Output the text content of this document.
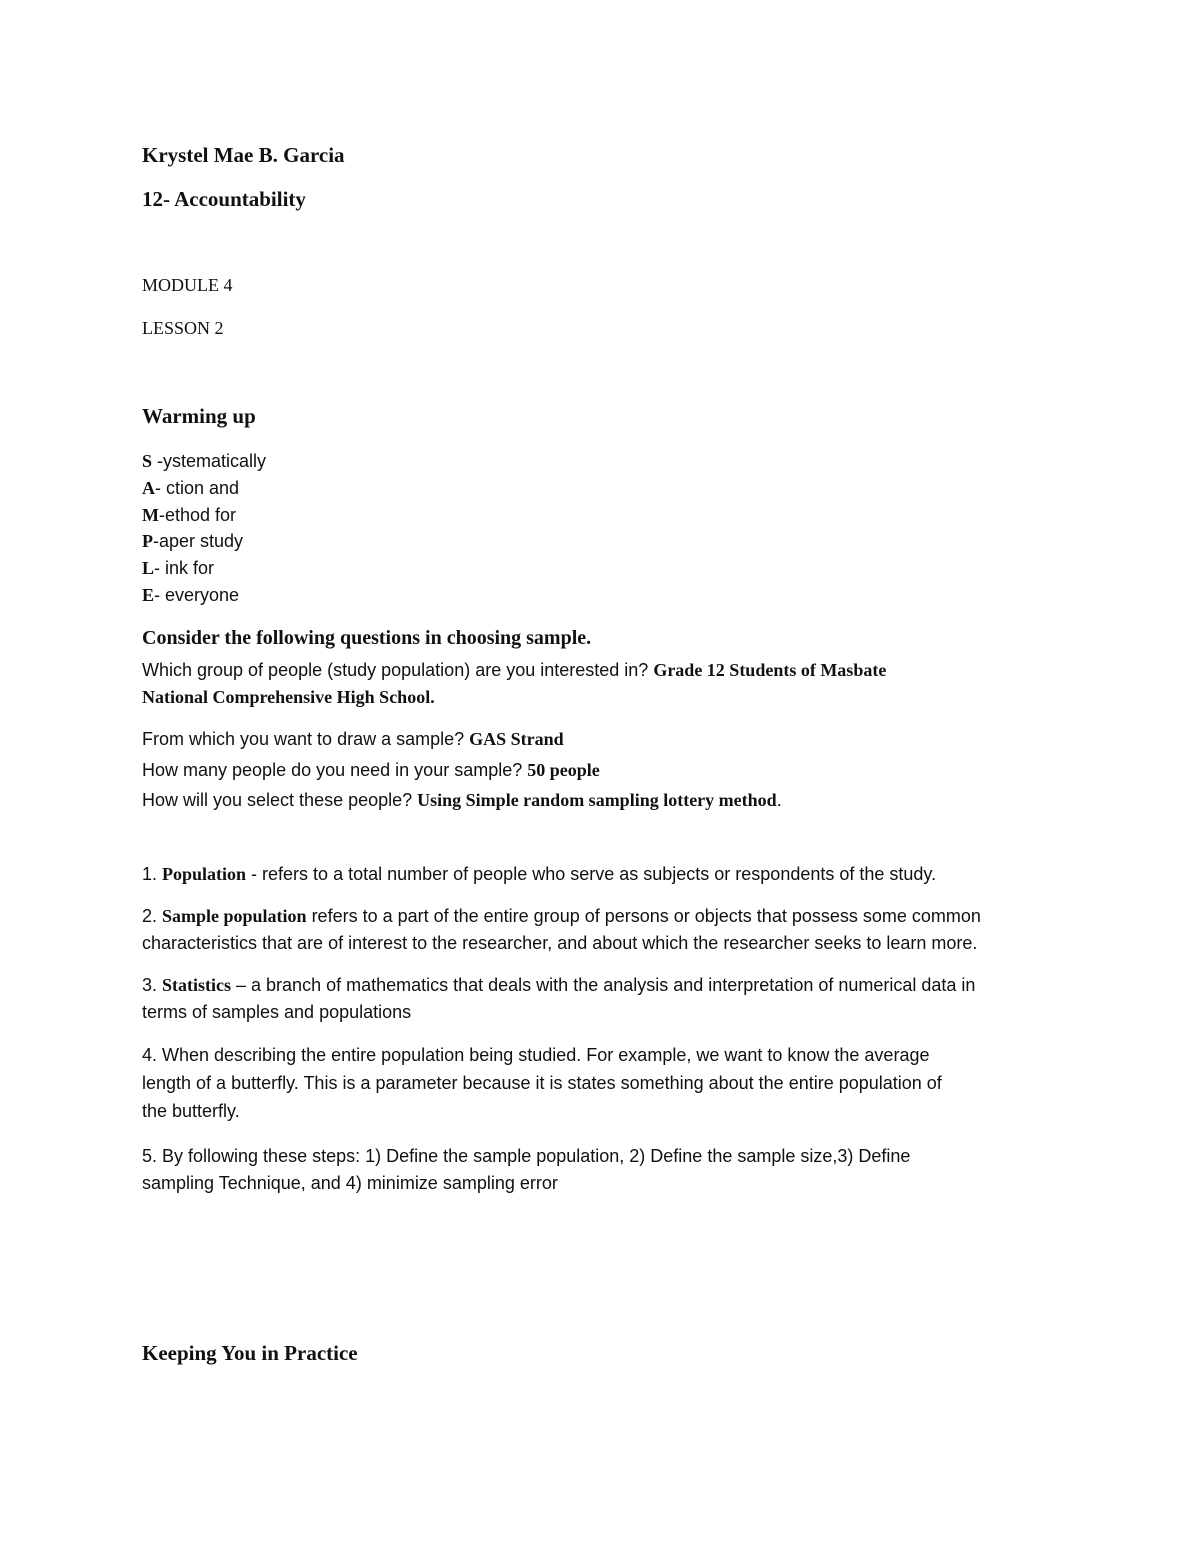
Krystel Mae B. Garcia
12- Accountability
MODULE 4
LESSON 2
Warming up
S -ystematically
A- ction and
M-ethod for
P-aper study
L- ink for
E- everyone
Consider the following questions in choosing sample.
Which group of people (study population) are you interested in? Grade 12 Students of Masbate
National Comprehensive High School.
From which you want to draw a sample? GAS Strand
How many people do you need in your sample? 50 people
How will you select these people? Using Simple random sampling lottery method.
1. Population - refers to a total number of people who serve as subjects or respondents of the study.
2. Sample population refers to a part of the entire group of persons or objects that possess some common
characteristics that are of interest to the researcher, and about which the researcher seeks to learn more.
3. Statistics – a branch of mathematics that deals with the analysis and interpretation of numerical data in
terms of samples and populations
4. When describing the entire population being studied. For example, we want to know the average
length of a butterfly. This is a parameter because it is states something about the entire population of
the butterfly.
5. By following these steps: 1) Define the sample population, 2) Define the sample size,3) Define
sampling Technique, and 4) minimize sampling error
Keeping You in Practice
